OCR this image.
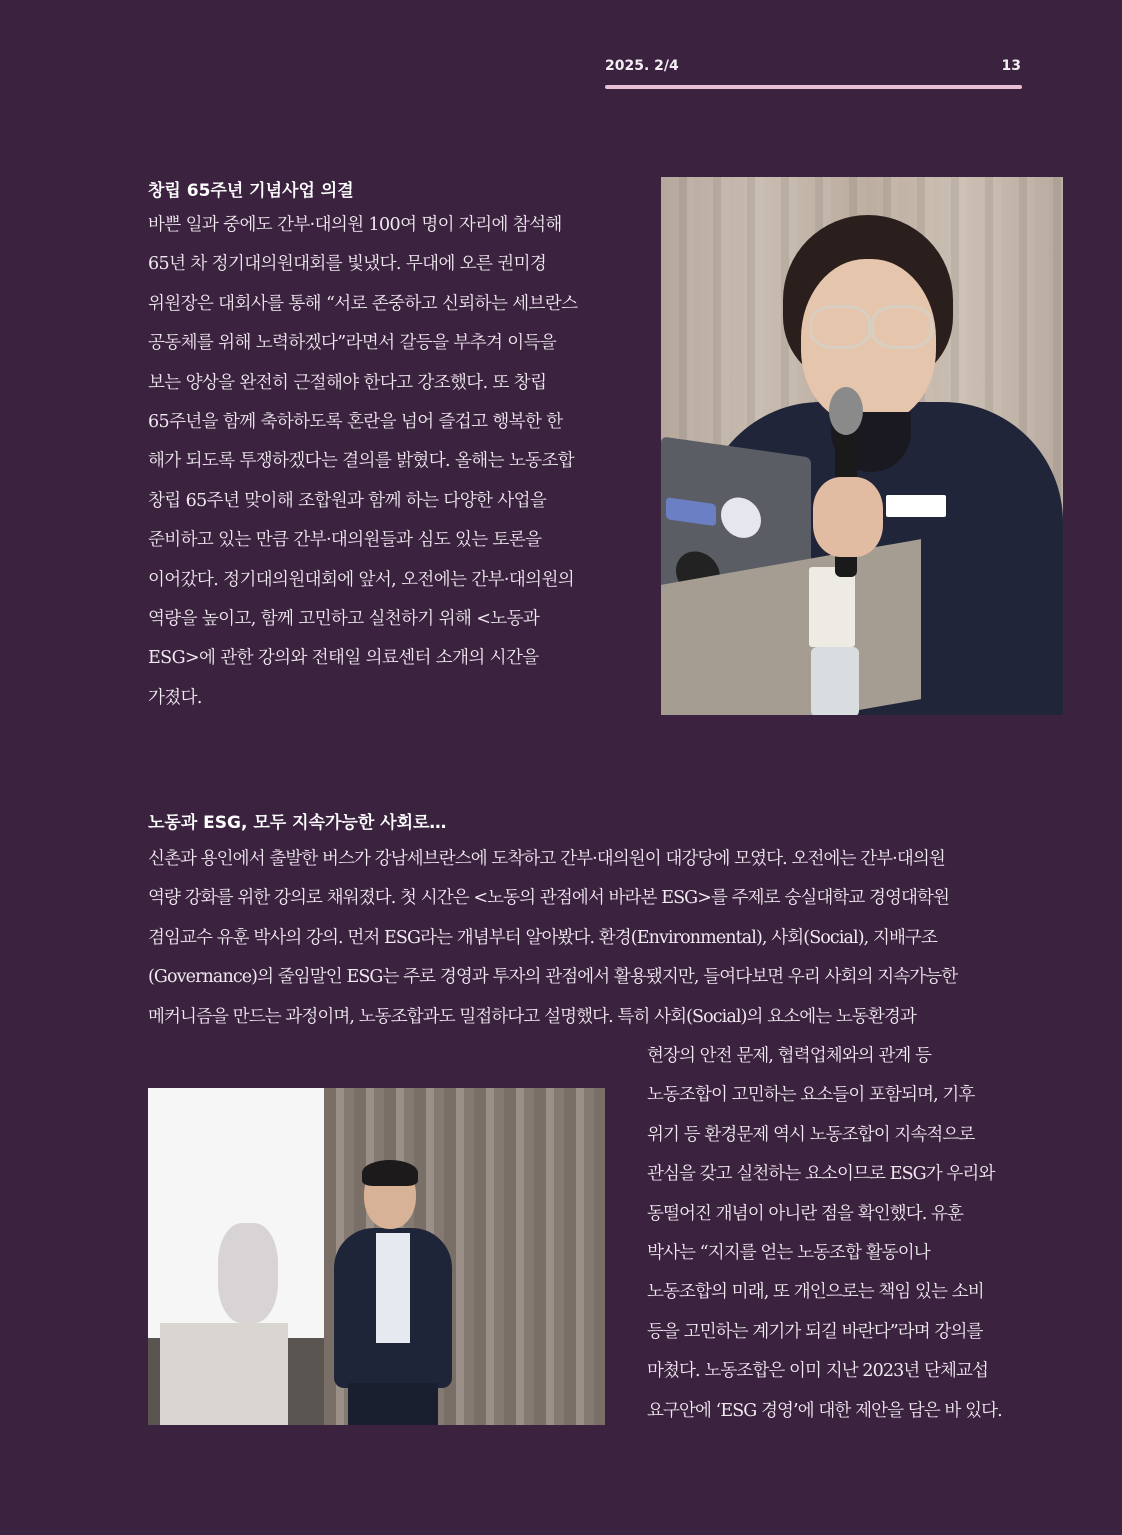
2025. 2/4	13
창립 65주년 기념사업 의결

바쁜 일과 중에도 간부·대의원 100여 명이 자리에 참석해
65년 차 정기대의원대회를 빛냈다. 무대에 오른 권미경
위원장은 대회사를 통해 “서로 존중하고 신뢰하는 세브란스
공동체를 위해 노력하겠다”라면서 갈등을 부추겨 이득을
보는 양상을 완전히 근절해야 한다고 강조했다. 또 창립
65주년을 함께 축하하도록 혼란을 넘어 즐겁고 행복한 한
해가 되도록 투쟁하겠다는 결의를 밝혔다. 올해는 노동조합
창립 65주년 맞이해 조합원과 함께 하는 다양한 사업을
준비하고 있는 만큼 간부·대의원들과 심도 있는 토론을
이어갔다. 정기대의원대회에 앞서, 오전에는 간부·대의원의
역량을 높이고, 함께 고민하고 실천하기 위해 <노동과
ESG>에 관한 강의와 전태일 의료센터 소개의 시간을
가졌다.

노동과 ESG, 모두 지속가능한 사회로…

신촌과 용인에서 출발한 버스가 강남세브란스에 도착하고 간부·대의원이 대강당에 모였다. 오전에는 간부·대의원
역량 강화를 위한 강의로 채워졌다. 첫 시간은 <노동의 관점에서 바라본 ESG>를 주제로 숭실대학교 경영대학원
겸임교수 유훈 박사의 강의. 먼저 ESG라는 개념부터 알아봤다. 환경(Environmental), 사회(Social), 지배구조
(Governance)의 줄임말인 ESG는 주로 경영과 투자의 관점에서 활용됐지만, 들여다보면 우리 사회의 지속가능한
메커니즘을 만드는 과정이며, 노동조합과도 밀접하다고 설명했다. 특히 사회(Social)의 요소에는 노동환경과

현장의 안전 문제, 협력업체와의 관계 등
노동조합이 고민하는 요소들이 포함되며, 기후
위기 등 환경문제 역시 노동조합이 지속적으로
관심을 갖고 실천하는 요소이므로 ESG가 우리와
동떨어진 개념이 아니란 점을 확인했다. 유훈
박사는 “지지를 얻는 노동조합 활동이나
노동조합의 미래, 또 개인으로는 책임 있는 소비
등을 고민하는 계기가 되길 바란다”라며 강의를
마쳤다. 노동조합은 이미 지난 2023년 단체교섭
요구안에 ‘ESG 경영’에 대한 제안을 담은 바 있다.
